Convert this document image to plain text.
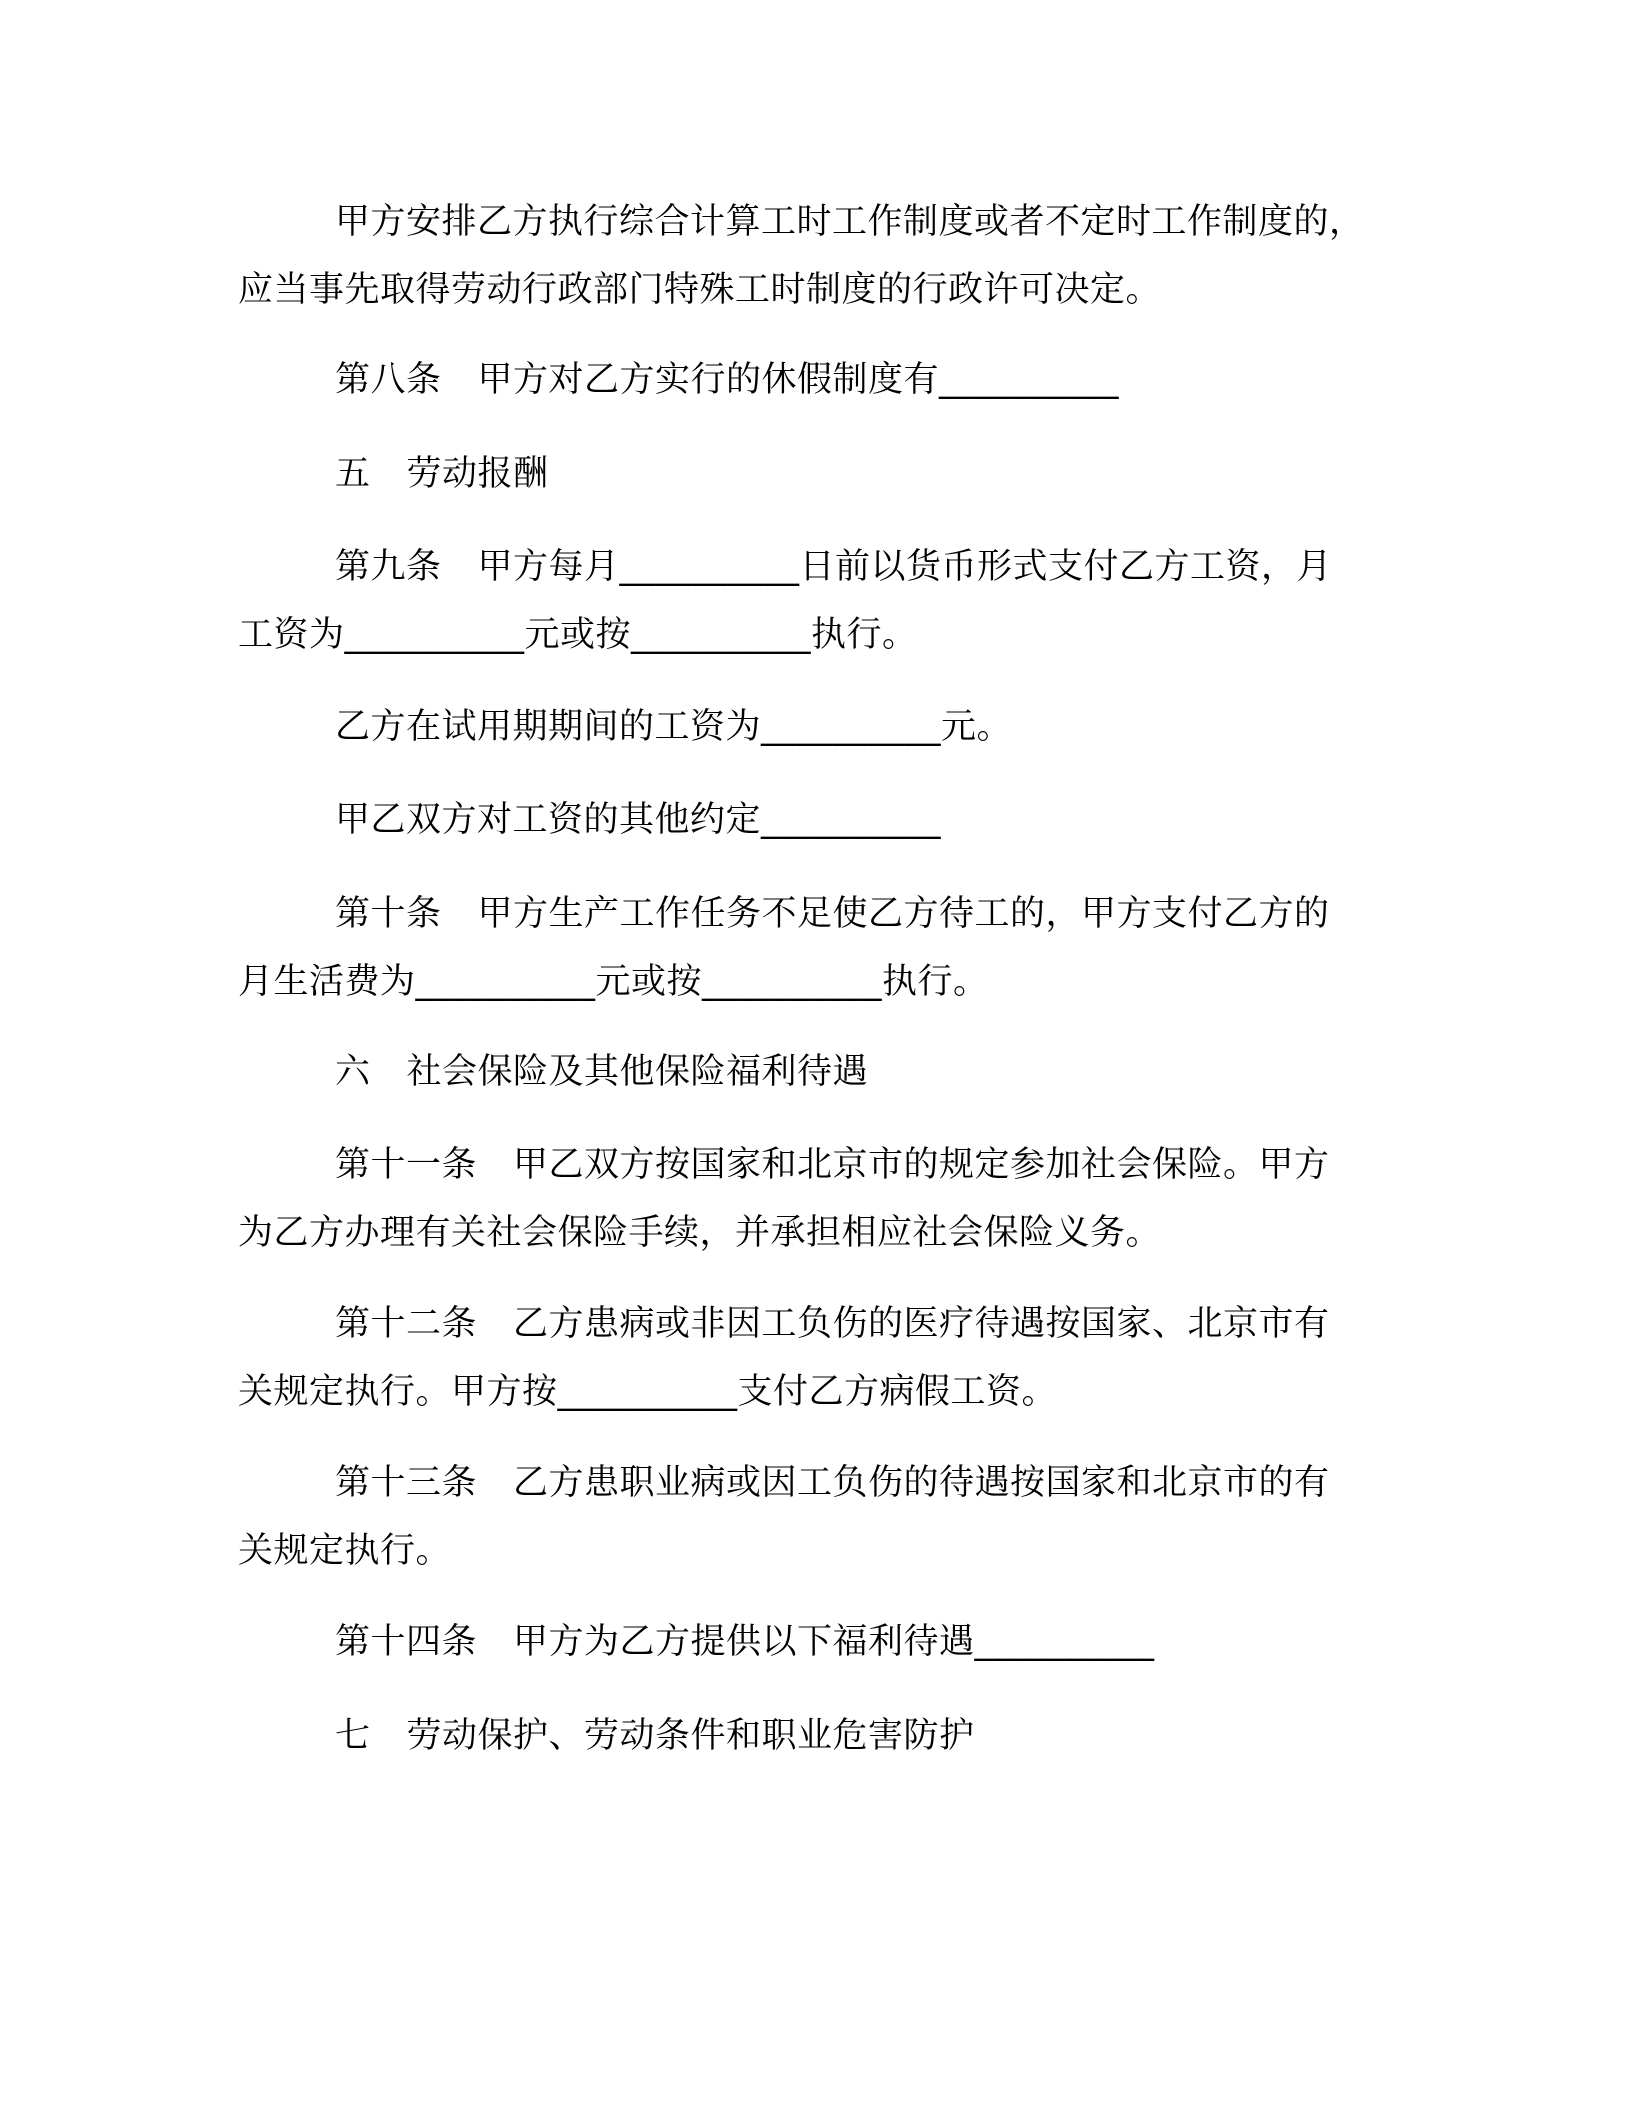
甲方安排乙方执行综合计算工时工作制度或者不定时工作制度的，
应当事先取得劳动行政部门特殊工时制度的行政许可决定。
第八条 甲方对乙方实行的休假制度有__________
五 劳动报酬
第九条 甲方每月__________日前以货币形式支付乙方工资，月
工资为__________元或按__________执行。
乙方在试用期期间的工资为__________元。
甲乙双方对工资的其他约定__________
第十条 甲方生产工作任务不足使乙方待工的，甲方支付乙方的
月生活费为__________元或按__________执行。
六 社会保险及其他保险福利待遇
第十一条 甲乙双方按国家和北京市的规定参加社会保险。甲方
为乙方办理有关社会保险手续，并承担相应社会保险义务。
第十二条 乙方患病或非因工负伤的医疗待遇按国家、北京市有
关规定执行。甲方按__________支付乙方病假工资。
第十三条 乙方患职业病或因工负伤的待遇按国家和北京市的有
关规定执行。
第十四条 甲方为乙方提供以下福利待遇__________
七 劳动保护、劳动条件和职业危害防护
